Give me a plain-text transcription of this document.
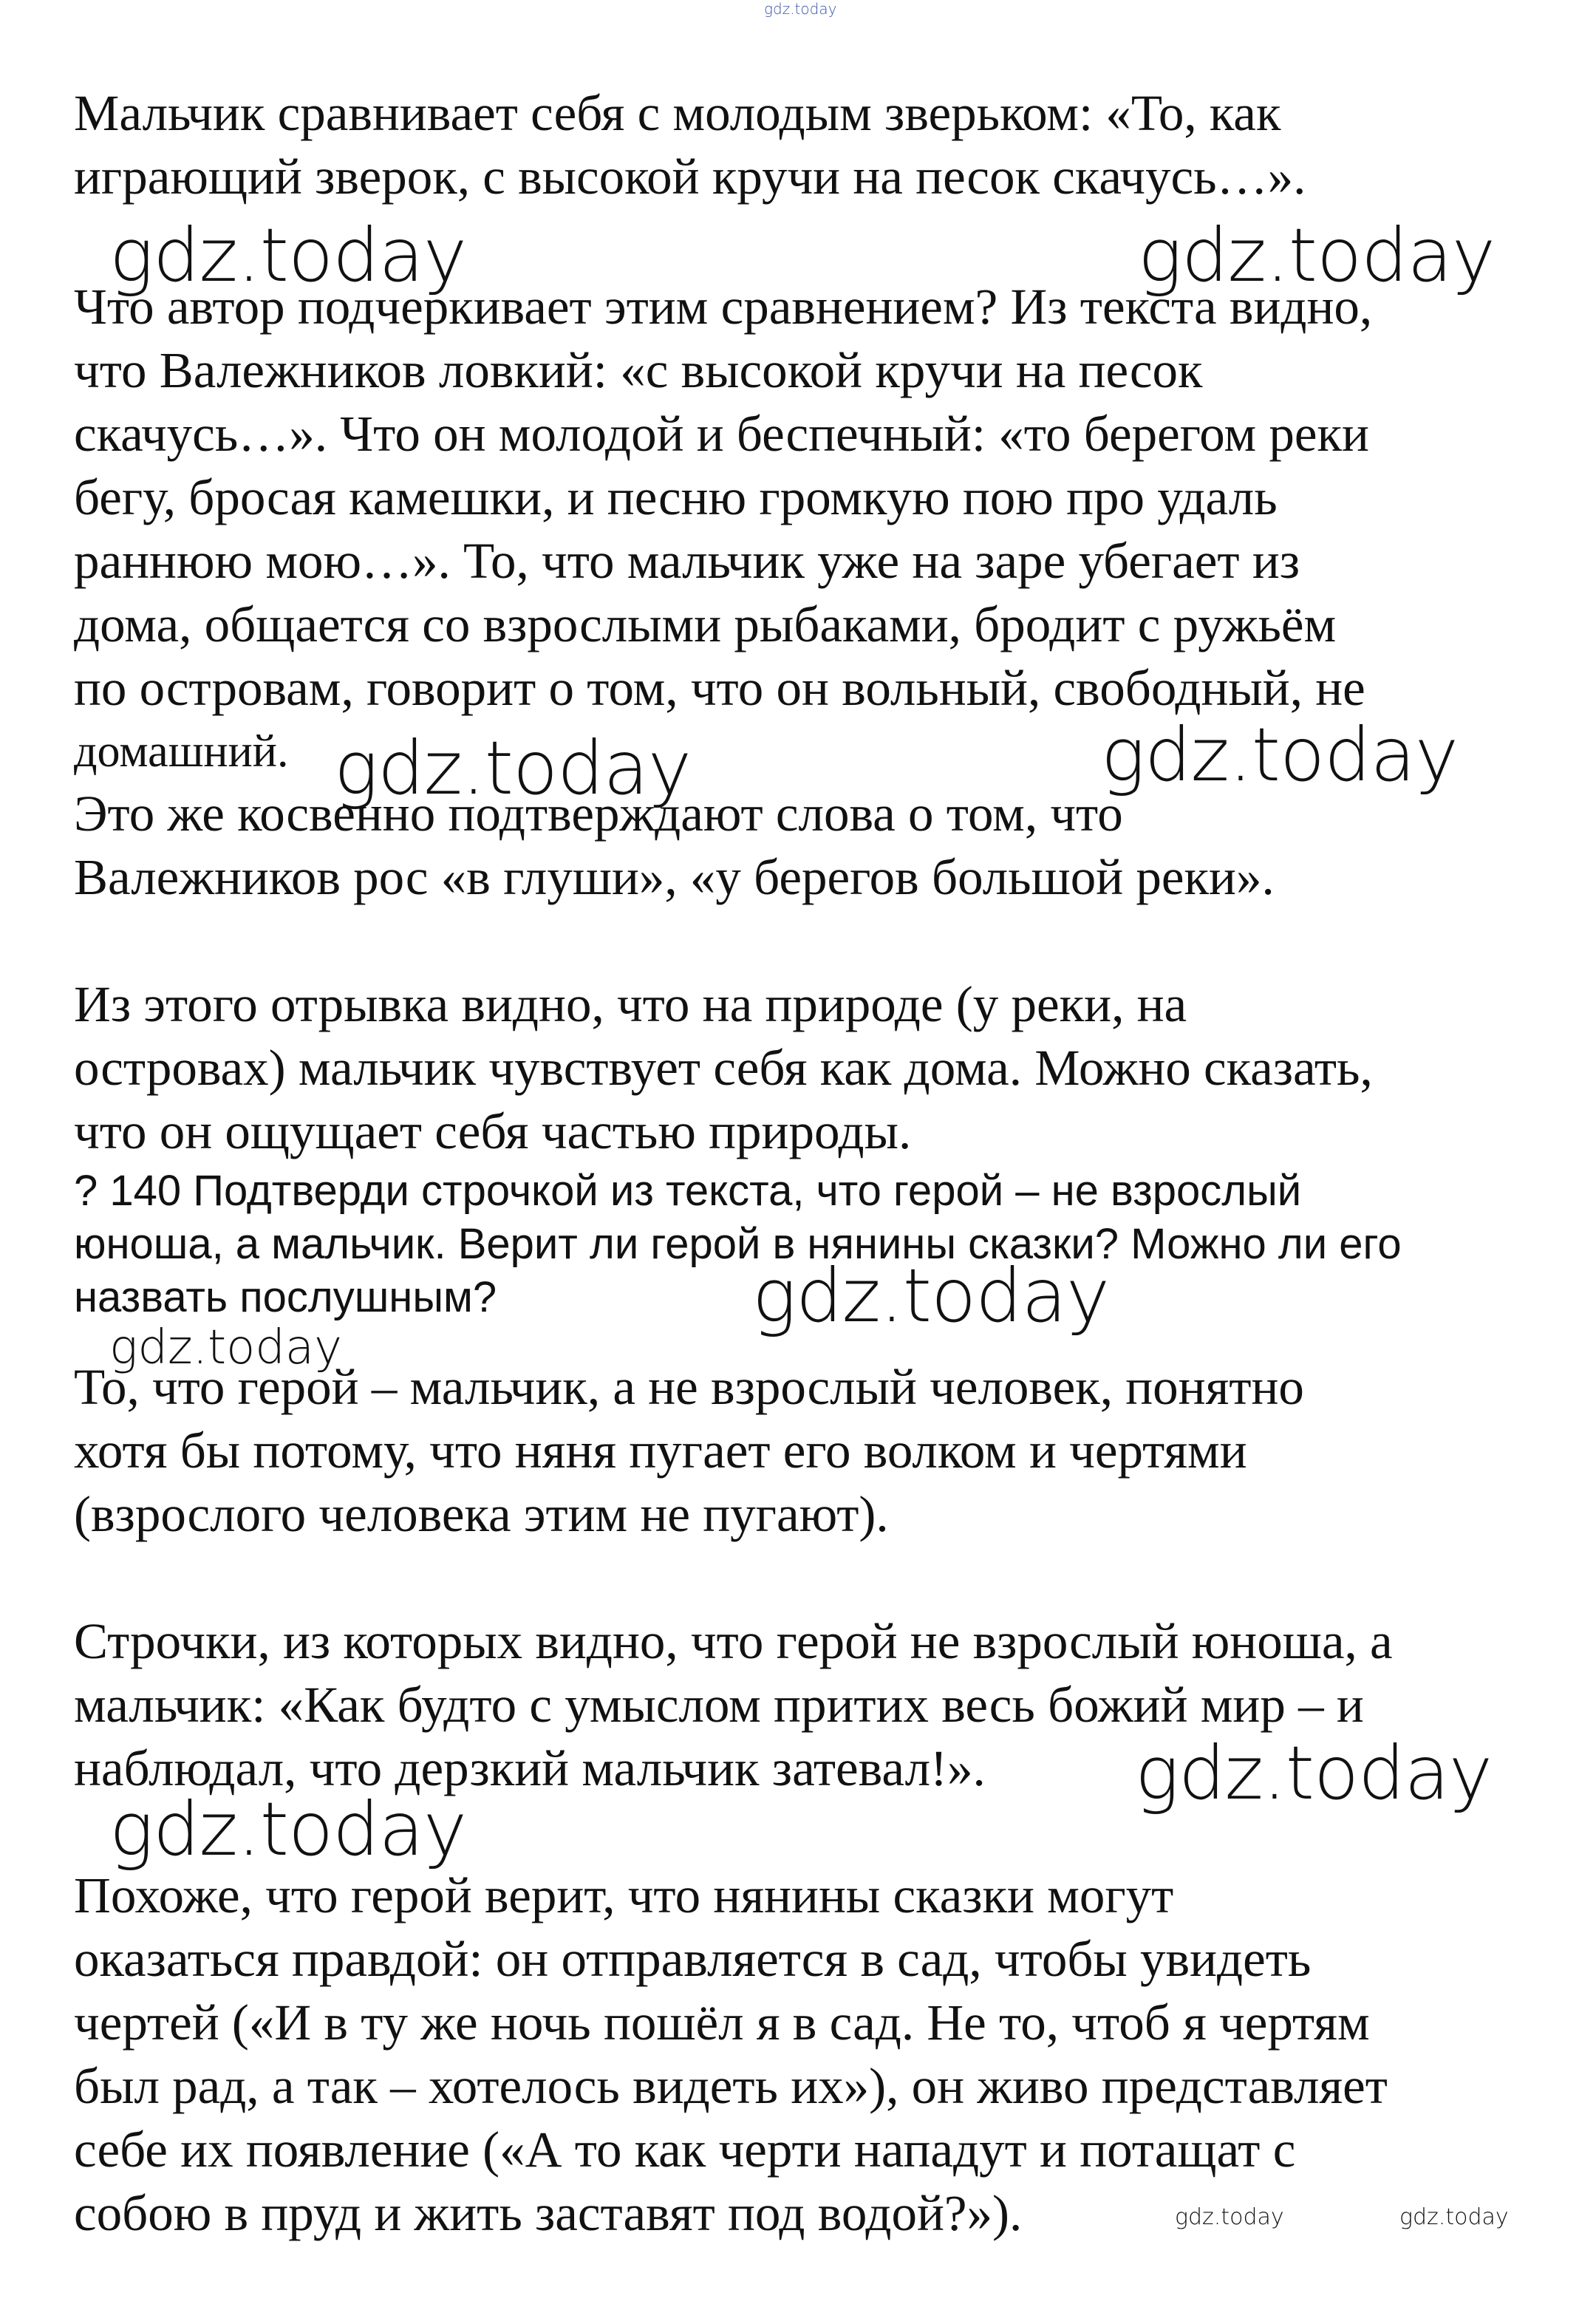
gdz.today
Мальчик сравнивает себя с молодым зверьком: «То, как
играющий зверок, с высокой кручи на песок скачусь…».
Что автор подчеркивает этим сравнением? Из текста видно,
что Валежников ловкий: «с высокой кручи на песок
скачусь…». Что он молодой и беспечный: «то берегом реки
бегу, бросая камешки, и песню громкую пою про удаль
раннюю мою…». То, что мальчик уже на заре убегает из
дома, общается со взрослыми рыбаками, бродит с ружьём
по островам, говорит о том, что он вольный, свободный, не
домашний.
Это же косвенно подтверждают слова о том, что
Валежников рос «в глуши», «у берегов большой реки».
Из этого отрывка видно, что на природе (у реки, на
островах) мальчик чувствует себя как дома. Можно сказать,
что он ощущает себя частью природы.
? 140 Подтверди строчкой из текста, что герой – не взрослый
юноша, а мальчик. Верит ли герой в нянины сказки? Можно ли его
назвать послушным?
То, что герой – мальчик, а не взрослый человек, понятно
хотя бы потому, что няня пугает его волком и чертями
(взрослого человека этим не пугают).
Строчки, из которых видно, что герой не взрослый юноша, а
мальчик: «Как будто с умыслом притих весь божий мир – и
наблюдал, что дерзкий мальчик затевал!».
Похоже, что герой верит, что нянины сказки могут
оказаться правдой: он отправляется в сад, чтобы увидеть
чертей («И в ту же ночь пошёл я в сад. Не то, чтоб я чертям
был рад, а так – хотелось видеть их»), он живо представляет
себе их появление («А то как черти нападут и потащат с
собою в пруд и жить заставят под водой?»).
gdz.today	gdz.today
gdz.today	gdz.today
gdz.today
gdz.today
gdz.today
gdz.today
gdz.today	gdz.today
